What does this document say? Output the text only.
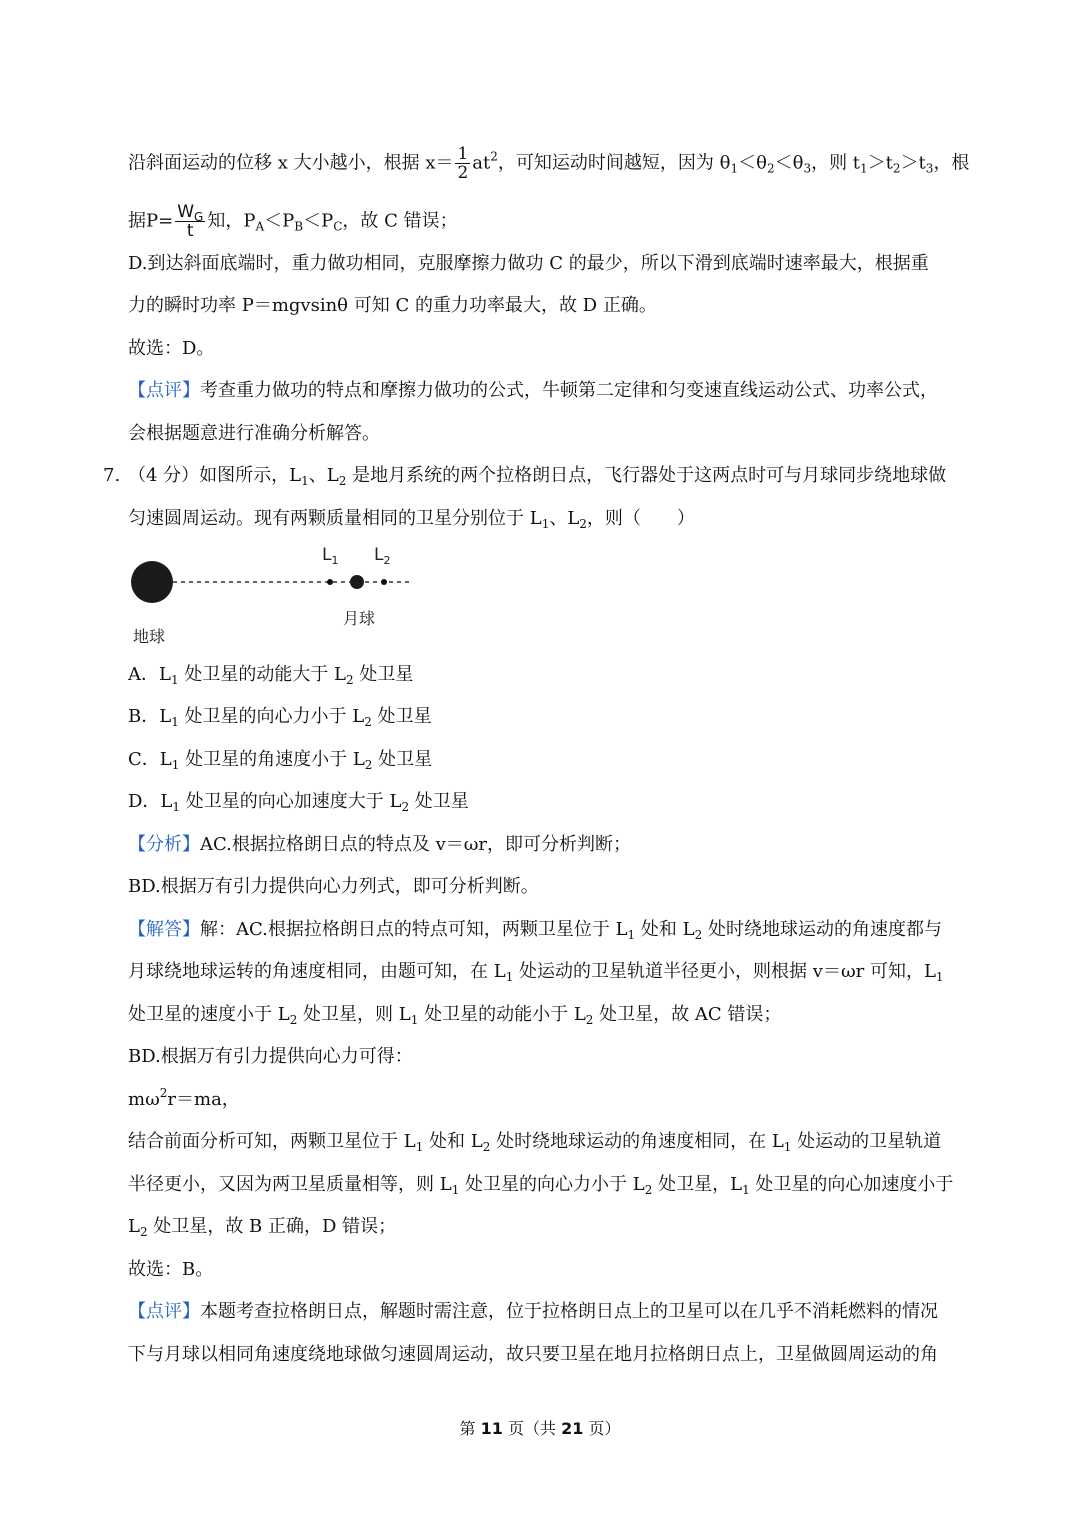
沿斜面运动的位移 x 大小越小，根据 $x= \frac{1}{2} at^2$，可知运动时间越短，因为 $\theta_1<\theta_2<\theta_3$，则 $t_1>t_2>t_3$，根
据$P= \frac{W_G}{t}$ 知，$P_A<P_B<P_C$，故 C 错误；
D.到达斜面底端时，重力做功相同，克服摩擦力做功 C 的最少，所以下滑到底端时速率最大，根据重
力的瞬时功率 P＝mgvsinθ 可知 C 的重力功率最大，故 D 正确。
故选：D。
【点评】考查重力做功的特点和摩擦力做功的公式，牛顿第二定律和匀变速直线运动公式、功率公式，
会根据题意进行准确分析解答。
7. （4 分）如图所示，$L_1$、$L_2$ 是地月系统的两个拉格朗日点，飞行器处于这两点时可与月球同步绕地球做
匀速圆周运动。现有两颗质量相同的卫星分别位于 $L_1$、$L_2$，则（　　）
$L_1$ $L_2$
月球
地球
A．$L_1$ 处卫星的动能大于 $L_2$ 处卫星
B．$L_1$ 处卫星的向心力小于 $L_2$ 处卫星
C．$L_1$ 处卫星的角速度小于 $L_2$ 处卫星
D．$L_1$ 处卫星的向心加速度大于 $L_2$ 处卫星
【分析】AC.根据拉格朗日点的特点及 v＝ωr，即可分析判断；
BD.根据万有引力提供向心力列式，即可分析判断。
【解答】解：AC.根据拉格朗日点的特点可知，两颗卫星位于 $L_1$ 处和 $L_2$ 处时绕地球运动的角速度都与
月球绕地球运转的角速度相同，由题可知，在 $L_1$ 处运动的卫星轨道半径更小，则根据 v＝ωr 可知，$L_1$
处卫星的速度小于 $L_2$ 处卫星，则 $L_1$ 处卫星的动能小于 $L_2$ 处卫星，故 AC 错误；
BD.根据万有引力提供向心力可得：
$m\omega^2r=ma$，
结合前面分析可知，两颗卫星位于 $L_1$ 处和 $L_2$ 处时绕地球运动的角速度相同，在 $L_1$ 处运动的卫星轨道
半径更小，又因为两卫星质量相等，则 $L_1$ 处卫星的向心力小于 $L_2$ 处卫星，$L_1$ 处卫星的向心加速度小于
$L_2$ 处卫星，故 B 正确，D 错误；
故选：B。
【点评】本题考查拉格朗日点，解题时需注意，位于拉格朗日点上的卫星可以在几乎不消耗燃料的情况
下与月球以相同角速度绕地球做匀速圆周运动，故只要卫星在地月拉格朗日点上，卫星做圆周运动的角
第 11 页（共 21 页）
